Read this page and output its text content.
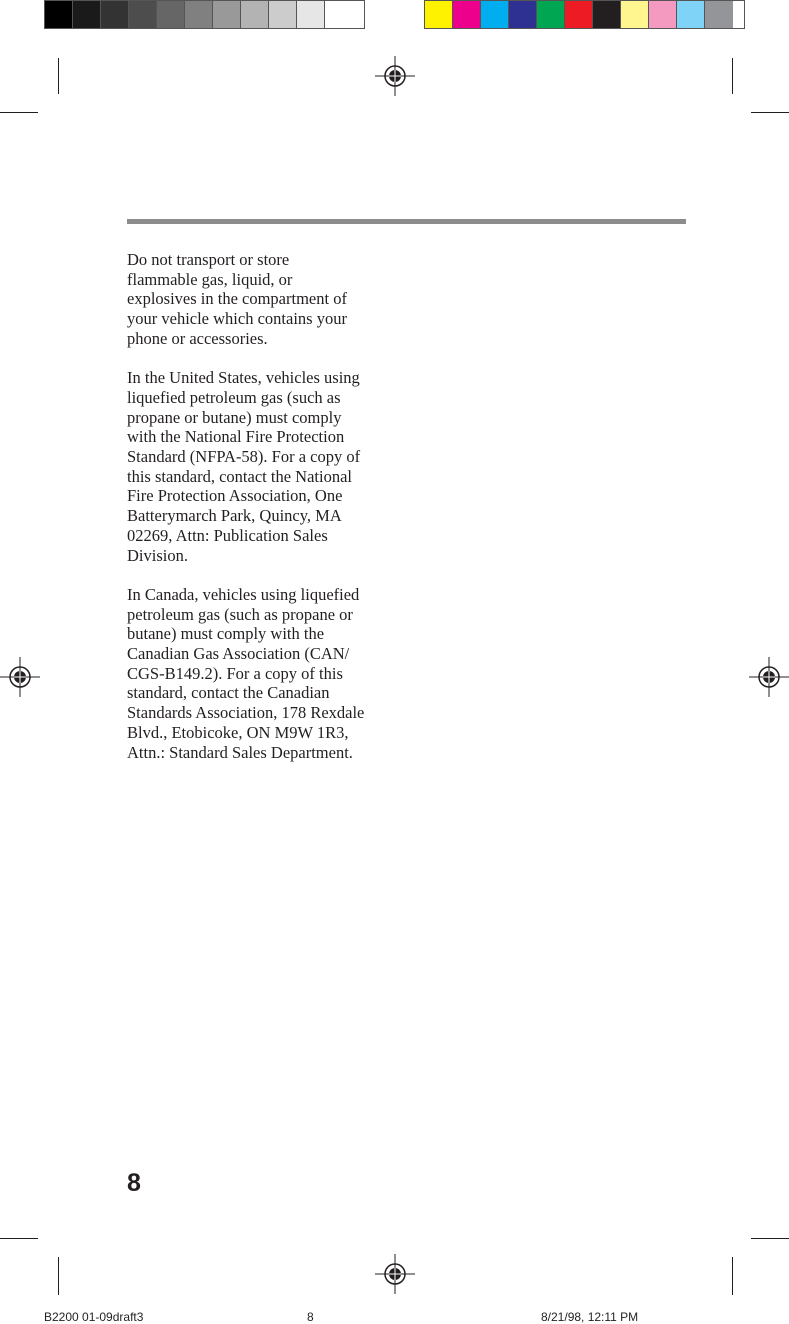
Do not transport or store
flammable gas, liquid, or
explosives in the compartment of
your vehicle which contains your
phone or accessories.

In the United States, vehicles using
liquefied petroleum gas (such as
propane or butane) must comply
with the National Fire Protection
Standard (NFPA-58). For a copy of
this standard, contact the National
Fire Protection Association, One
Batterymarch Park, Quincy, MA
02269, Attn: Publication Sales
Division.

In Canada, vehicles using liquefied
petroleum gas (such as propane or
butane) must comply with the
Canadian Gas Association (CAN/
CGS-B149.2). For a copy of this
standard, contact the Canadian
Standards Association, 178 Rexdale
Blvd., Etobicoke, ON M9W 1R3,
Attn.: Standard Sales Department.

8
B2200 01-09draft3	8	8/21/98, 12:11 PM
